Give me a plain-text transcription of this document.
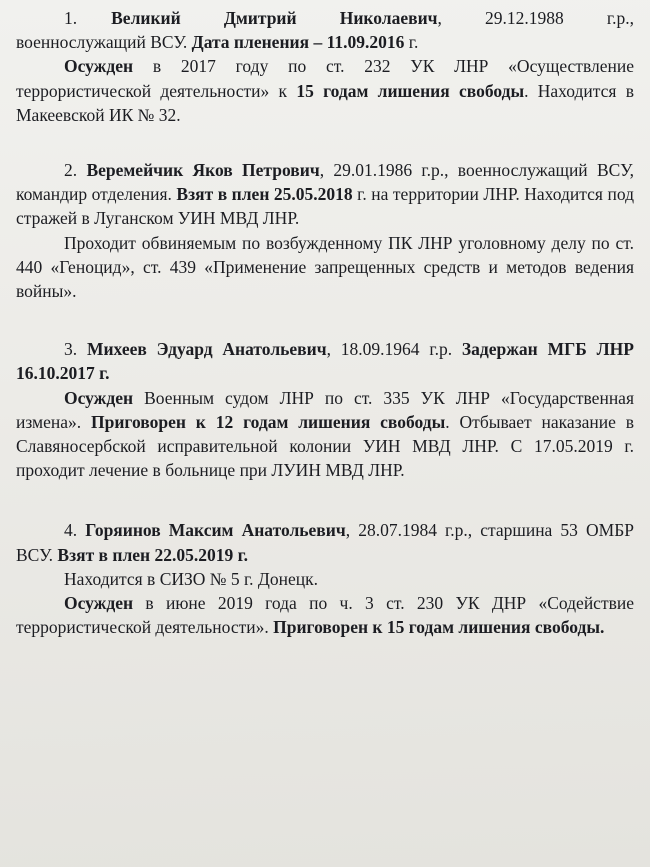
1. Великий Дмитрий Николаевич, 29.12.1988 г.р., военнослужащий ВСУ. Дата пленения – 11.09.2016 г.

Осужден в 2017 году по ст. 232 УК ЛНР «Осуществление террористической деятельности» к 15 годам лишения свободы. Находится в Макеевской ИК № 32.

2. Веремейчик Яков Петрович, 29.01.1986 г.р., военнослужащий ВСУ, командир отделения. Взят в плен 25.05.2018 г. на территории ЛНР. Находится под стражей в Луганском УИН МВД ЛНР.

Проходит обвиняемым по возбужденному ПК ЛНР уголовному делу по ст. 440 «Геноцид», ст. 439 «Применение запрещенных средств и методов ведения войны».

3. Михеев Эдуард Анатольевич, 18.09.1964 г.р. Задержан МГБ ЛНР 16.10.2017 г.

Осужден Военным судом ЛНР по ст. 335 УК ЛНР «Государственная измена». Приговорен к 12 годам лишения свободы. Отбывает наказание в Славяносербской исправительной колонии УИН МВД ЛНР. С 17.05.2019 г. проходит лечение в больнице при ЛУИН МВД ЛНР.

4. Горяинов Максим Анатольевич, 28.07.1984 г.р., старшина 53 ОМБР ВСУ. Взят в плен 22.05.2019 г.

Находится в СИЗО № 5 г. Донецк.

Осужден в июне 2019 года по ч. 3 ст. 230 УК ДНР «Содействие террористической деятельности». Приговорен к 15 годам лишения свободы.
